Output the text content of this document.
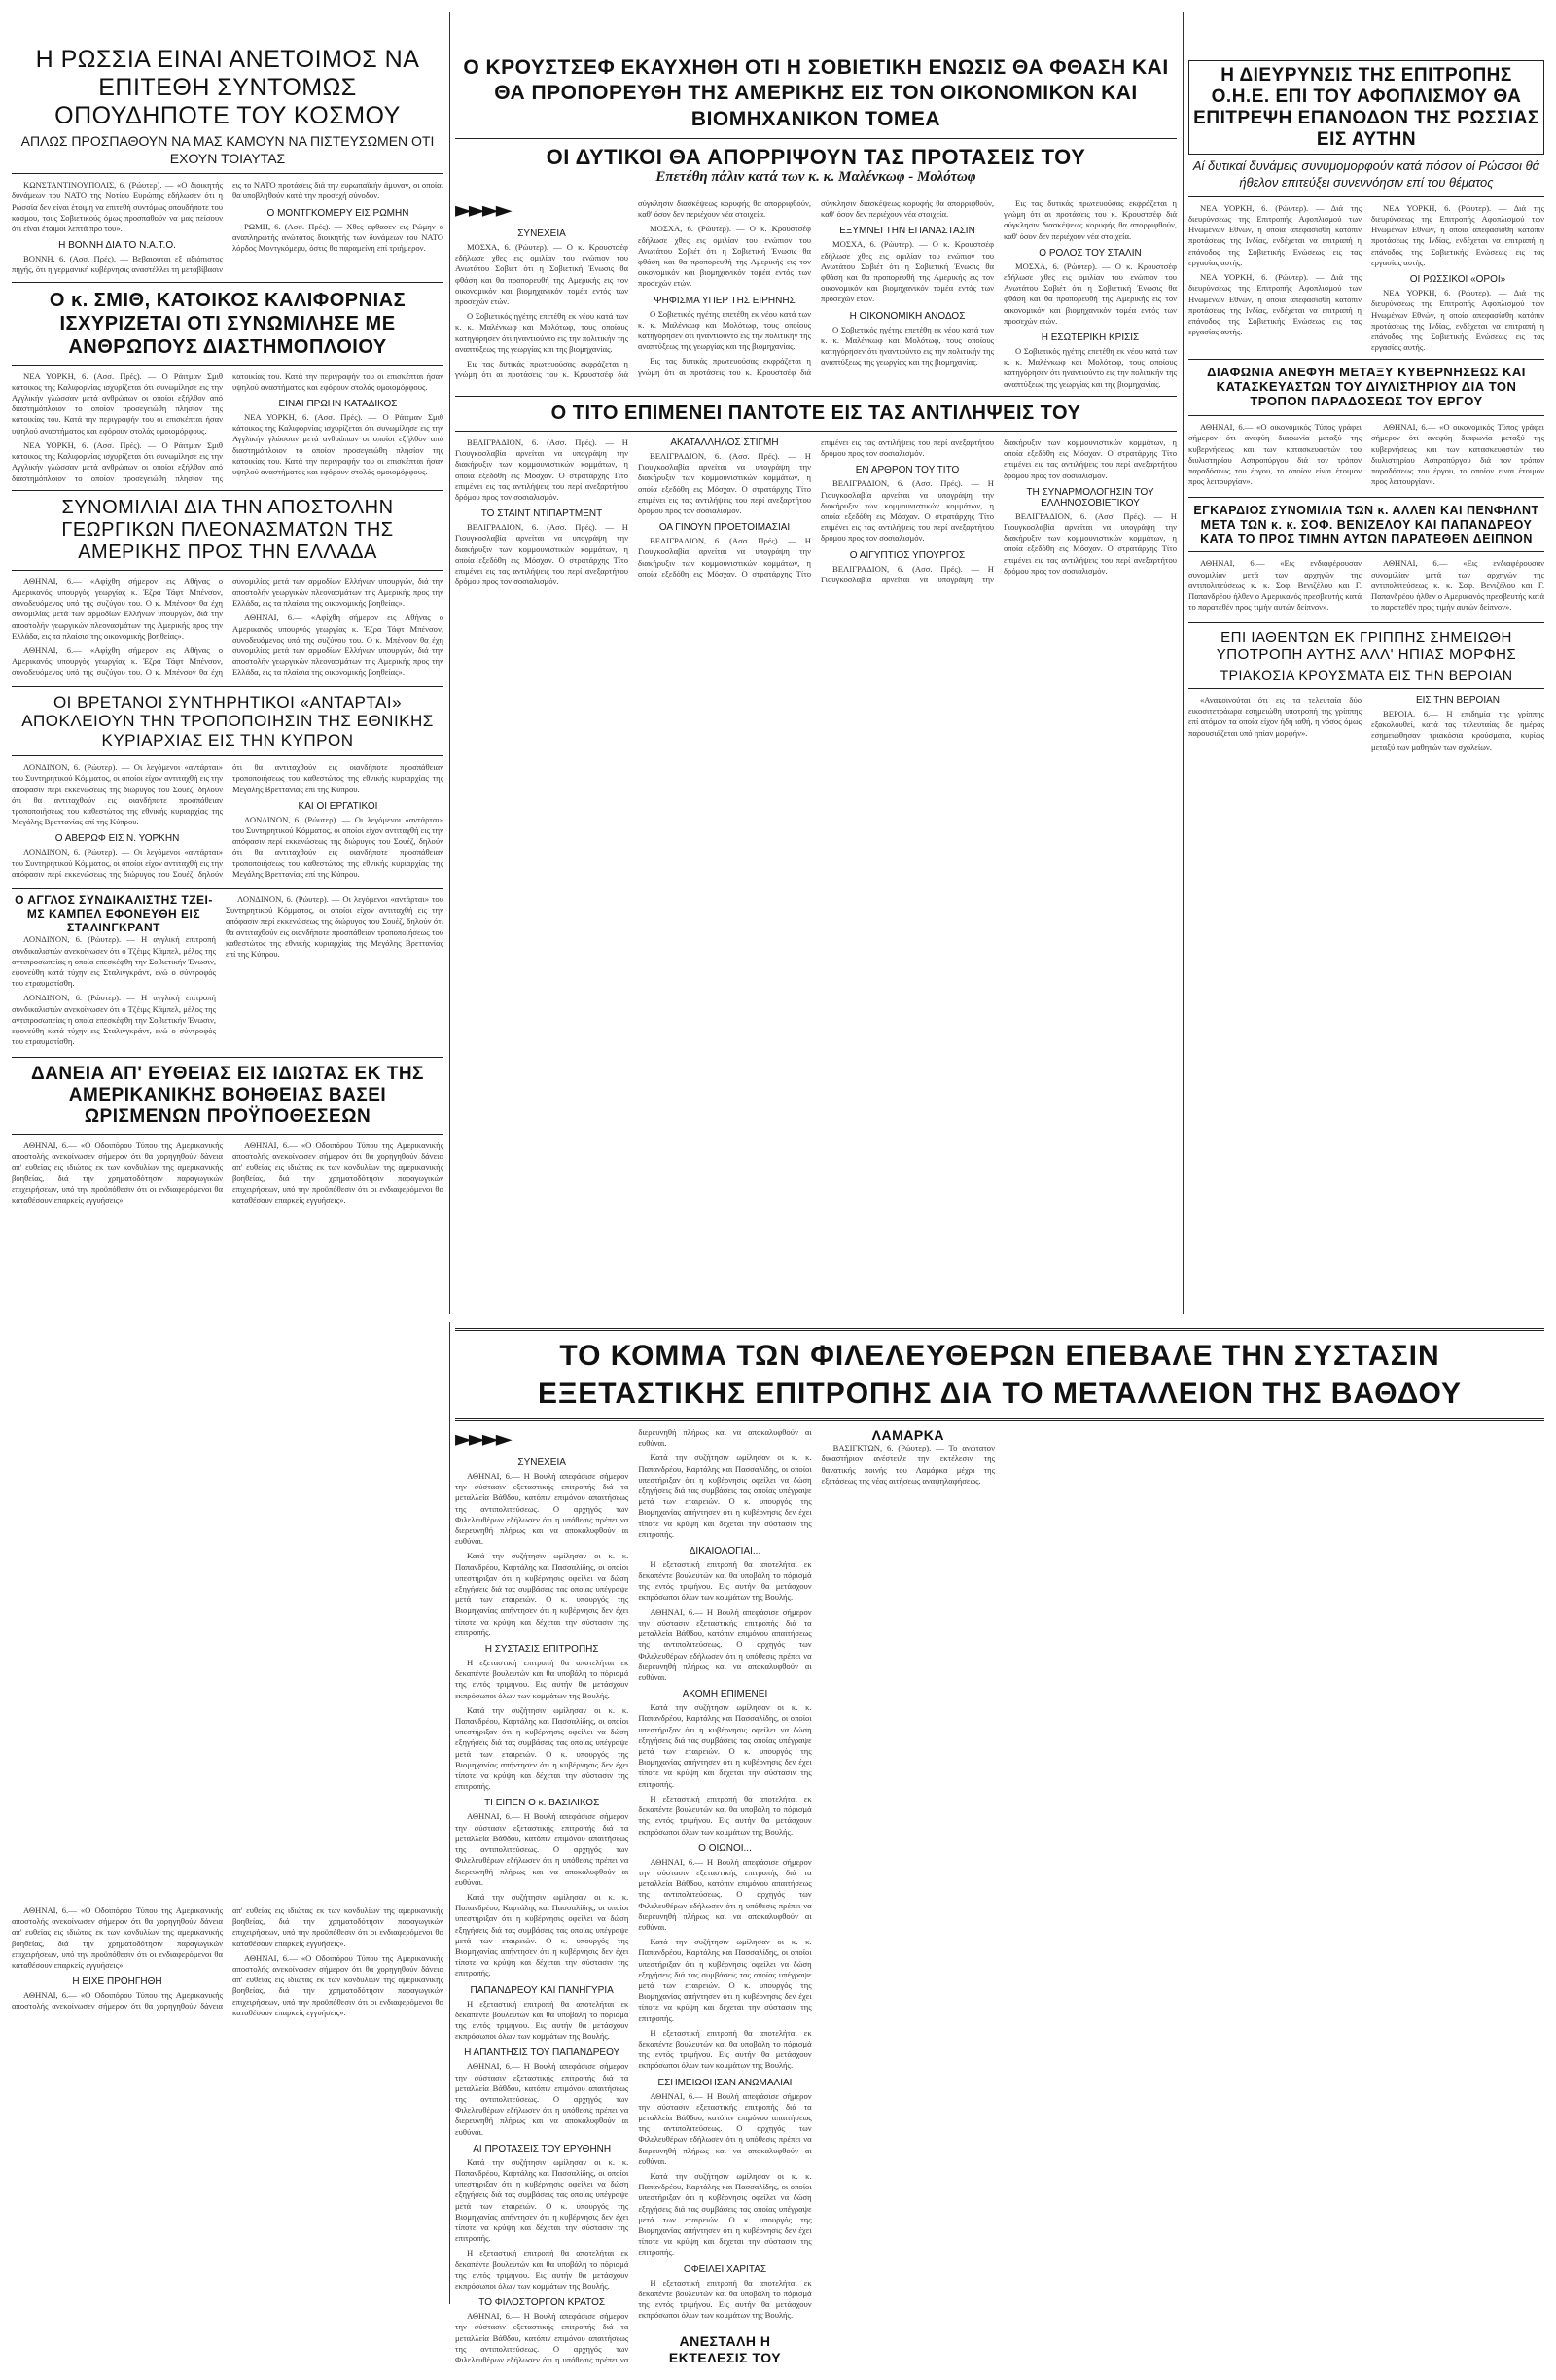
Η ΡΩΣΣΙΑ ΕΙΝΑΙ ΑΝΕΤΟΙΜΟΣ ΝΑ ΕΠΙΤΕΘΗ ΣΥΝΤΟΜΩΣ ΟΠΟΥΔΗΠΟΤΕ ΤΟΥ ΚΟΣΜΟΥ
ΑΠΛΩΣ ΠΡΟΣΠΑΘΟΥΝ ΝΑ ΜΑΣ ΚΑΜΟΥΝ ΝΑ ΠΙΣΤΕΥΣΩΜΕΝ ΟΤΙ ΕΧΟΥΝ ΤΟΙΑΥΤΑΣ

ΚΩΝΣΤΑΝΤΙΝΟΥΠΟΛΙΣ, 6. (Ρώυτερ). — «Ο διοικητής δυνάμεων του ΝΑΤΟ της Νοτίου Ευρώπης εδήλωσεν ότι η Ρωσσία δεν είναι έτοιμη να επιτεθή συντόμως οπουδήποτε του κόσμου, τους Σοβιετικούς όμως προσπαθούν να μας πείσουν ότι είναι έτοιμοι λεπτά προ του».

Η ΒΟΝΝΗ ΔΙΑ ΤΟ Ν.Α.Τ.Ο.

ΒΟΝΝΗ, 6. (Ασσ. Πρές). — Βεβαιούται εξ αξιόπιστος πηγής, ότι η γερμανική κυβέρνησις αναστέλλει τη μεταβίβασιν εις το ΝΑΤΟ προτάσεις διά την ευρωπαϊκήν άμυναν, οι οποίαι θα υποβληθούν κατά την προσεχή σύνοδον.

Ο ΜΟΝΤΓΚΟΜΕΡΥ ΕΙΣ ΡΩΜΗΝ

ΡΩΜΗ, 6. (Ασσ. Πρές). — Χθες εφθασεν εις Ρώμην ο αναπληρωτής ανώτατος διοικητής των δυνάμεων του ΝΑΤΟ λόρδος Μοντγκόμερυ, όστις θα παραμείνη επί τριήμερον.

Ο κ. ΣΜΙΘ, ΚΑΤΟΙΚΟΣ ΚΑΛΙΦΟΡΝΙΑΣ ΙΣΧΥΡΙΖΕΤΑΙ ΟΤΙ ΣΥΝΩΜΙΛΗΣΕ ΜΕ ΑΝΘΡΩΠΟΥΣ ΔΙΑΣΤΗΜΟΠΛΟΙΟΥ

ΝΕΑ ΥΟΡΚΗ, 6. (Ασσ. Πρές). — Ο Ράιτμαν Σμιθ κάτοικος της Καλιφορνίας ισχυρίζεται ότι συνωμίλησε εις την Αγγλικήν γλώσσαν μετά ανθρώπων οι οποίοι εξήλθον από διαστημόπλοιον το οποίον προσεγειώθη πλησίον της κατοικίας του. Κατά την περιγραφήν του οι επισκέπται ήσαν υψηλού αναστήματος και εφόρουν στολάς ομοιομόρφους.

ΝΕΑ ΥΟΡΚΗ, 6. (Ασσ. Πρές). — Ο Ράιτμαν Σμιθ κάτοικος της Καλιφορνίας ισχυρίζεται ότι συνωμίλησε εις την Αγγλικήν γλώσσαν μετά ανθρώπων οι οποίοι εξήλθον από διαστημόπλοιον το οποίον προσεγειώθη πλησίον της κατοικίας του. Κατά την περιγραφήν του οι επισκέπται ήσαν υψηλού αναστήματος και εφόρουν στολάς ομοιομόρφους.

ΕΙΝΑΙ ΠΡΩΗΝ ΚΑΤΑΔΙΚΟΣ

ΝΕΑ ΥΟΡΚΗ, 6. (Ασσ. Πρές). — Ο Ράιτμαν Σμιθ κάτοικος της Καλιφορνίας ισχυρίζεται ότι συνωμίλησε εις την Αγγλικήν γλώσσαν μετά ανθρώπων οι οποίοι εξήλθον από διαστημόπλοιον το οποίον προσεγειώθη πλησίον της κατοικίας του. Κατά την περιγραφήν του οι επισκέπται ήσαν υψηλού αναστήματος και εφόρουν στολάς ομοιομόρφους.

ΣΥΝΟΜΙΛΙΑΙ ΔΙΑ ΤΗΝ ΑΠΟΣΤΟΛΗΝ ΓΕΩΡΓΙΚΩΝ ΠΛΕΟΝΑΣΜΑΤΩΝ ΤΗΣ ΑΜΕΡΙΚΗΣ ΠΡΟΣ ΤΗΝ ΕΛΛΑΔΑ

ΑΘΗΝΑΙ, 6.— «Αφίχθη σήμερον εις Αθήνας ο Αμερικανός υπουργός γεωργίας κ. Έζρα Τάφτ Μπένσον, συνοδευόμενος υπό της συζύγου του. Ο κ. Μπένσον θα έχη συνομιλίας μετά των αρμοδίων Ελλήνων υπουργών, διά την αποστολήν γεωργικών πλεονασμάτων της Αμερικής προς την Ελλάδα, εις τα πλαίσια της οικονομικής βοηθείας».

ΑΘΗΝΑΙ, 6.— «Αφίχθη σήμερον εις Αθήνας ο Αμερικανός υπουργός γεωργίας κ. Έζρα Τάφτ Μπένσον, συνοδευόμενος υπό της συζύγου του. Ο κ. Μπένσον θα έχη συνομιλίας μετά των αρμοδίων Ελλήνων υπουργών, διά την αποστολήν γεωργικών πλεονασμάτων της Αμερικής προς την Ελλάδα, εις τα πλαίσια της οικονομικής βοηθείας».

ΑΘΗΝΑΙ, 6.— «Αφίχθη σήμερον εις Αθήνας ο Αμερικανός υπουργός γεωργίας κ. Έζρα Τάφτ Μπένσον, συνοδευόμενος υπό της συζύγου του. Ο κ. Μπένσον θα έχη συνομιλίας μετά των αρμοδίων Ελλήνων υπουργών, διά την αποστολήν γεωργικών πλεονασμάτων της Αμερικής προς την Ελλάδα, εις τα πλαίσια της οικονομικής βοηθείας».

ΟΙ ΒΡΕΤΑΝΟΙ ΣΥΝΤΗΡΗΤΙΚΟΙ «ΑΝΤΑΡΤΑΙ» ΑΠΟΚΛΕΙΟΥΝ ΤΗΝ ΤΡΟΠΟΠΟΙΗΣΙΝ ΤΗΣ ΕΘΝΙΚΗΣ ΚΥΡΙΑΡΧΙΑΣ ΕΙΣ ΤΗΝ ΚΥΠΡΟΝ

ΛΟΝΔΙΝΟΝ, 6. (Ρώυτερ). — Οι λεγόμενοι «αντάρται» του Συντηρητικού Κόμματος, οι οποίοι είχον αντιταχθή εις την απόφασιν περί εκκενώσεως της διώρυγος του Σουέζ, δηλούν ότι θα αντιταχθούν εις οιανδήποτε προσπάθειαν τροποποιήσεως του καθεστώτος της εθνικής κυριαρχίας της Μεγάλης Βρεττανίας επί της Κύπρου.

Ο ΑΒΕΡΩΦ ΕΙΣ Ν. ΥΟΡΚΗΝ

ΛΟΝΔΙΝΟΝ, 6. (Ρώυτερ). — Οι λεγόμενοι «αντάρται» του Συντηρητικού Κόμματος, οι οποίοι είχον αντιταχθή εις την απόφασιν περί εκκενώσεως της διώρυγος του Σουέζ, δηλούν ότι θα αντιταχθούν εις οιανδήποτε προσπάθειαν τροποποιήσεως του καθεστώτος της εθνικής κυριαρχίας της Μεγάλης Βρεττανίας επί της Κύπρου.

ΚΑΙ ΟΙ ΕΡΓΑΤΙΚΟΙ

ΛΟΝΔΙΝΟΝ, 6. (Ρώυτερ). — Οι λεγόμενοι «αντάρται» του Συντηρητικού Κόμματος, οι οποίοι είχον αντιταχθή εις την απόφασιν περί εκκενώσεως της διώρυγος του Σουέζ, δηλούν ότι θα αντιταχθούν εις οιανδήποτε προσπάθειαν τροποποιήσεως του καθεστώτος της εθνικής κυριαρχίας της Μεγάλης Βρεττανίας επί της Κύπρου.

Ο ΑΓΓΛΟΣ ΣΥΝΔΙΚΑΛΙΣΤΗΣ ΤΖΕΙ-ΜΣ ΚΑΜΠΕΛ ΕΦΟΝΕΥΘΗ ΕΙΣ ΣΤΑΛΙΝΓΚΡΑΝΤ

ΛΟΝΔΙΝΟΝ, 6. (Ρώυτερ). — Η αγγλική επιτροπή συνδικαλιστών ανεκοίνωσεν ότι ο Τζέιμς Κάμπελ, μέλος της αντιπροσωπείας η οποία επεσκέφθη την Σοβιετικήν Ένωσιν, εφονεύθη κατά τύχην εις Σταλινγκράντ, ενώ ο σύντροφός του ετραυματίσθη.

ΛΟΝΔΙΝΟΝ, 6. (Ρώυτερ). — Η αγγλική επιτροπή συνδικαλιστών ανεκοίνωσεν ότι ο Τζέιμς Κάμπελ, μέλος της αντιπροσωπείας η οποία επεσκέφθη την Σοβιετικήν Ένωσιν, εφονεύθη κατά τύχην εις Σταλινγκράντ, ενώ ο σύντροφός του ετραυματίσθη.

ΛΟΝΔΙΝΟΝ, 6. (Ρώυτερ). — Οι λεγόμενοι «αντάρται» του Συντηρητικού Κόμματος, οι οποίοι είχον αντιταχθή εις την απόφασιν περί εκκενώσεως της διώρυγος του Σουέζ, δηλούν ότι θα αντιταχθούν εις οιανδήποτε προσπάθειαν τροποποιήσεως του καθεστώτος της εθνικής κυριαρχίας της Μεγάλης Βρεττανίας επί της Κύπρου.

ΔΑΝΕΙΑ ΑΠ' ΕΥΘΕΙΑΣ ΕΙΣ ΙΔΙΩΤΑΣ ΕΚ ΤΗΣ ΑΜΕΡΙΚΑΝΙΚΗΣ ΒΟΗΘΕΙΑΣ ΒΑΣΕΙ ΩΡΙΣΜΕΝΩΝ ΠΡΟΫΠΟΘΕΣΕΩΝ

ΑΘΗΝΑΙ, 6.— «Ο Οδοιπόρου Τύπου της Αμερικανικής αποστολής ανεκοίνωσεν σήμερον ότι θα χορηγηθούν δάνεια απ' ευθείας εις ιδιώτας εκ των κονδυλίων της αμερικανικής βοηθείας, διά την χρηματοδότησιν παραγωγικών επιχειρήσεων, υπό την προϋπόθεσιν ότι οι ενδιαφερόμενοι θα καταθέσουν επαρκείς εγγυήσεις».

ΑΘΗΝΑΙ, 6.— «Ο Οδοιπόρου Τύπου της Αμερικανικής αποστολής ανεκοίνωσεν σήμερον ότι θα χορηγηθούν δάνεια απ' ευθείας εις ιδιώτας εκ των κονδυλίων της αμερικανικής βοηθείας, διά την χρηματοδότησιν παραγωγικών επιχειρήσεων, υπό την προϋπόθεσιν ότι οι ενδιαφερόμενοι θα καταθέσουν επαρκείς εγγυήσεις».

Ο ΚΡΟΥΣΤΣΕΦ ΕΚΑΥΧΗΘΗ ΟΤΙ Η ΣΟΒΙΕΤΙΚΗ ΕΝΩΣΙΣ ΘΑ ΦΘΑΣΗ ΚΑΙ ΘΑ ΠΡΟΠΟΡΕΥΘΗ ΤΗΣ ΑΜΕΡΙΚΗΣ ΕΙΣ ΤΟΝ ΟΙΚΟΝΟΜΙΚΟΝ ΚΑΙ ΒΙΟΜΗΧΑΝΙΚΟΝ ΤΟΜΕΑ
ΟΙ ΔΥΤΙΚΟΙ ΘΑ ΑΠΟΡΡΙΨΟΥΝ ΤΑΣ ΠΡΟΤΑΣΕΙΣ ΤΟΥ
Επετέθη πάλιν κατά των κ. κ. Μαλένκωφ - Μολότωφ
►►►►
ΣΥΝΕΧΕΙΑ

ΜΟΣΧΑ, 6. (Ρώυτερ). — Ο κ. Κρουστσέφ εδήλωσε χθες εις ομιλίαν του ενώπιον του Ανωτάτου Σοβιέτ ότι η Σοβιετική Ένωσις θα φθάση και θα προπορευθή της Αμερικής εις τον οικονομικόν και βιομηχανικόν τομέα εντός των προσεχών ετών.

Ο Σοβιετικός ηγέτης επετέθη εκ νέου κατά των κ. κ. Μαλένκωφ και Μολότωφ, τους οποίους κατηγόρησεν ότι ηναντιούντο εις την πολιτικήν της αναπτύξεως της γεωργίας και της βιομηχανίας.

Εις τας δυτικάς πρωτευούσας εκφράζεται η γνώμη ότι αι προτάσεις του κ. Κρουστσέφ διά σύγκλησιν διασκέψεως κορυφής θα απορριφθούν, καθ' όσον δεν περιέχουν νέα στοιχεία.

ΜΟΣΧΑ, 6. (Ρώυτερ). — Ο κ. Κρουστσέφ εδήλωσε χθες εις ομιλίαν του ενώπιον του Ανωτάτου Σοβιέτ ότι η Σοβιετική Ένωσις θα φθάση και θα προπορευθή της Αμερικής εις τον οικονομικόν και βιομηχανικόν τομέα εντός των προσεχών ετών.

ΨΗΦΙΣΜΑ ΥΠΕΡ ΤΗΣ ΕΙΡΗΝΗΣ

Ο Σοβιετικός ηγέτης επετέθη εκ νέου κατά των κ. κ. Μαλένκωφ και Μολότωφ, τους οποίους κατηγόρησεν ότι ηναντιούντο εις την πολιτικήν της αναπτύξεως της γεωργίας και της βιομηχανίας.

Εις τας δυτικάς πρωτευούσας εκφράζεται η γνώμη ότι αι προτάσεις του κ. Κρουστσέφ διά σύγκλησιν διασκέψεως κορυφής θα απορριφθούν, καθ' όσον δεν περιέχουν νέα στοιχεία.

ΕΞΥΜΝΕΙ ΤΗΝ ΕΠΑΝΑΣΤΑΣΙΝ

ΜΟΣΧΑ, 6. (Ρώυτερ). — Ο κ. Κρουστσέφ εδήλωσε χθες εις ομιλίαν του ενώπιον του Ανωτάτου Σοβιέτ ότι η Σοβιετική Ένωσις θα φθάση και θα προπορευθή της Αμερικής εις τον οικονομικόν και βιομηχανικόν τομέα εντός των προσεχών ετών.

Η ΟΙΚΟΝΟΜΙΚΗ ΑΝΟΔΟΣ

Ο Σοβιετικός ηγέτης επετέθη εκ νέου κατά των κ. κ. Μαλένκωφ και Μολότωφ, τους οποίους κατηγόρησεν ότι ηναντιούντο εις την πολιτικήν της αναπτύξεως της γεωργίας και της βιομηχανίας.

Εις τας δυτικάς πρωτευούσας εκφράζεται η γνώμη ότι αι προτάσεις του κ. Κρουστσέφ διά σύγκλησιν διασκέψεως κορυφής θα απορριφθούν, καθ' όσον δεν περιέχουν νέα στοιχεία.

Ο ΡΟΛΟΣ ΤΟΥ ΣΤΑΛΙΝ

ΜΟΣΧΑ, 6. (Ρώυτερ). — Ο κ. Κρουστσέφ εδήλωσε χθες εις ομιλίαν του ενώπιον του Ανωτάτου Σοβιέτ ότι η Σοβιετική Ένωσις θα φθάση και θα προπορευθή της Αμερικής εις τον οικονομικόν και βιομηχανικόν τομέα εντός των προσεχών ετών.

Η ΕΣΩΤΕΡΙΚΗ ΚΡΙΣΙΣ

Ο Σοβιετικός ηγέτης επετέθη εκ νέου κατά των κ. κ. Μαλένκωφ και Μολότωφ, τους οποίους κατηγόρησεν ότι ηναντιούντο εις την πολιτικήν της αναπτύξεως της γεωργίας και της βιομηχανίας.

Ο ΤΙΤΟ ΕΠΙΜΕΝΕΙ ΠΑΝΤΟΤΕ ΕΙΣ ΤΑΣ ΑΝΤΙΛΗΨΕΙΣ ΤΟΥ

ΒΕΛΙΓΡΑΔΙΟΝ, 6. (Ασσ. Πρές). — Η Γιουγκοσλαβία αρνείται να υπογράψη την διακήρυξιν των κομμουνιστικών κομμάτων, η οποία εξεδόθη εις Μόσχαν. Ο στρατάρχης Τίτο επιμένει εις τας αντιλήψεις του περί ανεξαρτήτου δρόμου προς τον σοσιαλισμόν.

ΤΟ ΣΤΑΙΝΤ ΝΤΙΠΑΡΤΜΕΝΤ

ΒΕΛΙΓΡΑΔΙΟΝ, 6. (Ασσ. Πρές). — Η Γιουγκοσλαβία αρνείται να υπογράψη την διακήρυξιν των κομμουνιστικών κομμάτων, η οποία εξεδόθη εις Μόσχαν. Ο στρατάρχης Τίτο επιμένει εις τας αντιλήψεις του περί ανεξαρτήτου δρόμου προς τον σοσιαλισμόν.

ΑΚΑΤΑΛΛΗΛΟΣ ΣΤΙΓΜΗ

ΒΕΛΙΓΡΑΔΙΟΝ, 6. (Ασσ. Πρές). — Η Γιουγκοσλαβία αρνείται να υπογράψη την διακήρυξιν των κομμουνιστικών κομμάτων, η οποία εξεδόθη εις Μόσχαν. Ο στρατάρχης Τίτο επιμένει εις τας αντιλήψεις του περί ανεξαρτήτου δρόμου προς τον σοσιαλισμόν.

ΟΑ ΓΙΝΟΥΝ ΠΡΟΕΤΟΙΜΑΣΙΑΙ

ΒΕΛΙΓΡΑΔΙΟΝ, 6. (Ασσ. Πρές). — Η Γιουγκοσλαβία αρνείται να υπογράψη την διακήρυξιν των κομμουνιστικών κομμάτων, η οποία εξεδόθη εις Μόσχαν. Ο στρατάρχης Τίτο επιμένει εις τας αντιλήψεις του περί ανεξαρτήτου δρόμου προς τον σοσιαλισμόν.

ΕΝ ΑΡΘΡΟΝ ΤΟΥ ΤΙΤΟ

ΒΕΛΙΓΡΑΔΙΟΝ, 6. (Ασσ. Πρές). — Η Γιουγκοσλαβία αρνείται να υπογράψη την διακήρυξιν των κομμουνιστικών κομμάτων, η οποία εξεδόθη εις Μόσχαν. Ο στρατάρχης Τίτο επιμένει εις τας αντιλήψεις του περί ανεξαρτήτου δρόμου προς τον σοσιαλισμόν.

Ο ΑΙΓΥΠΤΙΟΣ ΥΠΟΥΡΓΟΣ

ΒΕΛΙΓΡΑΔΙΟΝ, 6. (Ασσ. Πρές). — Η Γιουγκοσλαβία αρνείται να υπογράψη την διακήρυξιν των κομμουνιστικών κομμάτων, η οποία εξεδόθη εις Μόσχαν. Ο στρατάρχης Τίτο επιμένει εις τας αντιλήψεις του περί ανεξαρτήτου δρόμου προς τον σοσιαλισμόν.

ΤΗ ΣΥΝΑΡΜΟΛΟΓΗΣΙΝ ΤΟΥ ΕΛΛΗΝΟΣΟΒΙΕΤΙΚΟΥ

ΒΕΛΙΓΡΑΔΙΟΝ, 6. (Ασσ. Πρές). — Η Γιουγκοσλαβία αρνείται να υπογράψη την διακήρυξιν των κομμουνιστικών κομμάτων, η οποία εξεδόθη εις Μόσχαν. Ο στρατάρχης Τίτο επιμένει εις τας αντιλήψεις του περί ανεξαρτήτου δρόμου προς τον σοσιαλισμόν.

Η ΔΙΕΥΡΥΝΣΙΣ ΤΗΣ ΕΠΙΤΡΟΠΗΣ Ο.Η.Ε. ΕΠΙ ΤΟΥ ΑΦΟΠΛΙΣΜΟΥ ΘΑ ΕΠΙΤΡΕΨΗ ΕΠΑΝΟΔΟΝ ΤΗΣ ΡΩΣΣΙΑΣ ΕΙΣ ΑΥΤΗΝ
Αί δυτικαί δυνάμεις συνυμομορφούν κατά πόσον οί Ρώσσοι θά ήθελον επιτεύξει συνεννόησιν επί του θέματος

ΝΕΑ ΥΟΡΚΗ, 6. (Ρώυτερ). — Διά της διευρύνσεως της Επιτροπής Αφοπλισμού των Ηνωμένων Εθνών, η οποία απεφασίσθη κατόπιν προτάσεως της Ινδίας, ενδέχεται να επιτραπή η επάνοδος της Σοβιετικής Ενώσεως εις τας εργασίας αυτής.

ΝΕΑ ΥΟΡΚΗ, 6. (Ρώυτερ). — Διά της διευρύνσεως της Επιτροπής Αφοπλισμού των Ηνωμένων Εθνών, η οποία απεφασίσθη κατόπιν προτάσεως της Ινδίας, ενδέχεται να επιτραπή η επάνοδος της Σοβιετικής Ενώσεως εις τας εργασίας αυτής.

ΝΕΑ ΥΟΡΚΗ, 6. (Ρώυτερ). — Διά της διευρύνσεως της Επιτροπής Αφοπλισμού των Ηνωμένων Εθνών, η οποία απεφασίσθη κατόπιν προτάσεως της Ινδίας, ενδέχεται να επιτραπή η επάνοδος της Σοβιετικής Ενώσεως εις τας εργασίας αυτής.

ΟΙ ΡΩΣΣΙΚΟΙ «ΟΡΟΙ»

ΝΕΑ ΥΟΡΚΗ, 6. (Ρώυτερ). — Διά της διευρύνσεως της Επιτροπής Αφοπλισμού των Ηνωμένων Εθνών, η οποία απεφασίσθη κατόπιν προτάσεως της Ινδίας, ενδέχεται να επιτραπή η επάνοδος της Σοβιετικής Ενώσεως εις τας εργασίας αυτής.

ΔΙΑΦΩΝΙΑ ΑΝΕΦΥΗ ΜΕΤΑΞΥ ΚΥΒΕΡΝΗΣΕΩΣ ΚΑΙ ΚΑΤΑΣΚΕΥΑΣΤΩΝ ΤΟΥ ΔΙΥΛΙΣΤΗΡΙΟΥ ΔΙΑ ΤΟΝ ΤΡΟΠΟΝ ΠΑΡΑΔΟΣΕΩΣ ΤΟΥ ΕΡΓΟΥ

ΑΘΗΝΑΙ, 6.— «Ο οικονομικός Τύπος γράφει σήμερον ότι ανεφύη διαφωνία μεταξύ της κυβερνήσεως και των κατασκευαστών του διυλιστηρίου Ασπροπύργου διά τον τρόπον παραδόσεως του έργου, το οποίον είναι έτοιμον προς λειτουργίαν».

ΑΘΗΝΑΙ, 6.— «Ο οικονομικός Τύπος γράφει σήμερον ότι ανεφύη διαφωνία μεταξύ της κυβερνήσεως και των κατασκευαστών του διυλιστηρίου Ασπροπύργου διά τον τρόπον παραδόσεως του έργου, το οποίον είναι έτοιμον προς λειτουργίαν».

ΕΓΚΑΡΔΙΟΣ ΣΥΝΟΜΙΛΙΑ ΤΩΝ κ. ΑΛΛΕΝ ΚΑΙ ΠΕΝΦΗΛΝΤ ΜΕΤΑ ΤΩΝ κ. κ. ΣΟΦ. ΒΕΝΙΖΕΛΟΥ ΚΑΙ ΠΑΠΑΝΔΡΕΟΥ ΚΑΤΑ ΤΟ ΠΡΟΣ ΤΙΜΗΝ ΑΥΤΩΝ ΠΑΡΑΤΕΘΕΝ ΔΕΙΠΝΟΝ

ΑΘΗΝΑΙ, 6.— «Εις ενδιαφέρουσαν συνομιλίαν μετά των αρχηγών της αντιπολιτεύσεως κ. κ. Σοφ. Βενιζέλου και Γ. Παπανδρέου ήλθεν ο Αμερικανός πρεσβευτής κατά το παρατεθέν προς τιμήν αυτών δείπνον».

ΑΘΗΝΑΙ, 6.— «Εις ενδιαφέρουσαν συνομιλίαν μετά των αρχηγών της αντιπολιτεύσεως κ. κ. Σοφ. Βενιζέλου και Γ. Παπανδρέου ήλθεν ο Αμερικανός πρεσβευτής κατά το παρατεθέν προς τιμήν αυτών δείπνον».

ΕΠΙ ΙΑΘΕΝΤΩΝ ΕΚ ΓΡΙΠΠΗΣ ΣΗΜΕΙΩΘΗ ΥΠΟΤΡΟΠΗ ΑΥΤΗΣ ΑΛΛ' ΗΠΙΑΣ ΜΟΡΦΗΣ
ΤΡΙΑΚΟΣΙΑ ΚΡΟΥΣΜΑΤΑ ΕΙΣ ΤΗΝ ΒΕΡΟΙΑΝ

«Ανακοινούται ότι εις τα τελευταία δύο εικοσιτετράωρα εσημειώθη υποτροπή της γρίππης επί ατόμων τα οποία είχον ήδη ιαθή, η νόσος όμως παρουσιάζεται υπό ηπίαν μορφήν».

ΕΙΣ ΤΗΝ ΒΕΡΟΙΑΝ

ΒΕΡΟΙΑ, 6.— Η επιδημία της γρίππης εξακολουθεί, κατά τας τελευταίας δε ημέρας εσημειώθησαν τριακόσια κρούσματα, κυρίως μεταξύ των μαθητών των σχολείων.

ΤΟ ΚΟΜΜΑ ΤΩΝ ΦΙΛΕΛΕΥΘΕΡΩΝ ΕΠΕΒΑΛΕ ΤΗΝ ΣΥΣΤΑΣΙΝ ΕΞΕΤΑΣΤΙΚΗΣ ΕΠΙΤΡΟΠΗΣ ΔΙΑ ΤΟ ΜΕΤΑΛΛΕΙΟΝ ΤΗΣ ΒΑΘΔΟΥ
►►►►
ΣΥΝΕΧΕΙΑ

ΑΘΗΝΑΙ, 6.— Η Βουλή απεφάσισε σήμερον την σύστασιν εξεταστικής επιτροπής διά τα μεταλλεία Βάθδου, κατόπιν επιμόνου απαιτήσεως της αντιπολιτεύσεως. Ο αρχηγός των Φιλελευθέρων εδήλωσεν ότι η υπόθεσις πρέπει να διερευνηθή πλήρως και να αποκαλυφθούν αι ευθύναι.

Κατά την συζήτησιν ωμίλησαν οι κ. κ. Παπανδρέου, Καρτάλης και Πασσαλίδης, οι οποίοι υπεστήριξαν ότι η κυβέρνησις οφείλει να δώση εξηγήσεις διά τας συμβάσεις τας οποίας υπέγραψε μετά των εταιρειών. Ο κ. υπουργός της Βιομηχανίας απήντησεν ότι η κυβέρνησις δεν έχει τίποτε να κρύψη και δέχεται την σύστασιν της επιτροπής.

Η ΣΥΣΤΑΣΙΣ ΕΠΙΤΡΟΠΗΣ

Η εξεταστική επιτροπή θα αποτελήται εκ δεκαπέντε βουλευτών και θα υποβάλη το πόρισμά της εντός τριμήνου. Εις αυτήν θα μετάσχουν εκπρόσωποι όλων των κομμάτων της Βουλής.

Κατά την συζήτησιν ωμίλησαν οι κ. κ. Παπανδρέου, Καρτάλης και Πασσαλίδης, οι οποίοι υπεστήριξαν ότι η κυβέρνησις οφείλει να δώση εξηγήσεις διά τας συμβάσεις τας οποίας υπέγραψε μετά των εταιρειών. Ο κ. υπουργός της Βιομηχανίας απήντησεν ότι η κυβέρνησις δεν έχει τίποτε να κρύψη και δέχεται την σύστασιν της επιτροπής.

ΤΙ ΕΙΠΕΝ Ο κ. ΒΑΣΙΛΙΚΟΣ

ΑΘΗΝΑΙ, 6.— Η Βουλή απεφάσισε σήμερον την σύστασιν εξεταστικής επιτροπής διά τα μεταλλεία Βάθδου, κατόπιν επιμόνου απαιτήσεως της αντιπολιτεύσεως. Ο αρχηγός των Φιλελευθέρων εδήλωσεν ότι η υπόθεσις πρέπει να διερευνηθή πλήρως και να αποκαλυφθούν αι ευθύναι.

Κατά την συζήτησιν ωμίλησαν οι κ. κ. Παπανδρέου, Καρτάλης και Πασσαλίδης, οι οποίοι υπεστήριξαν ότι η κυβέρνησις οφείλει να δώση εξηγήσεις διά τας συμβάσεις τας οποίας υπέγραψε μετά των εταιρειών. Ο κ. υπουργός της Βιομηχανίας απήντησεν ότι η κυβέρνησις δεν έχει τίποτε να κρύψη και δέχεται την σύστασιν της επιτροπής.

ΠΑΠΑΝΔΡΕΟΥ ΚΑΙ ΠΑΝΗΓΥΡΙΑ

Η εξεταστική επιτροπή θα αποτελήται εκ δεκαπέντε βουλευτών και θα υποβάλη το πόρισμά της εντός τριμήνου. Εις αυτήν θα μετάσχουν εκπρόσωποι όλων των κομμάτων της Βουλής.

Η ΑΠΑΝΤΗΣΙΣ ΤΟΥ ΠΑΠΑΝΔΡΕΟΥ

ΑΘΗΝΑΙ, 6.— Η Βουλή απεφάσισε σήμερον την σύστασιν εξεταστικής επιτροπής διά τα μεταλλεία Βάθδου, κατόπιν επιμόνου απαιτήσεως της αντιπολιτεύσεως. Ο αρχηγός των Φιλελευθέρων εδήλωσεν ότι η υπόθεσις πρέπει να διερευνηθή πλήρως και να αποκαλυφθούν αι ευθύναι.

ΑΙ ΠΡΟΤΑΣΕΙΣ ΤΟΥ ΕΡΥΘΗΝΗ

Κατά την συζήτησιν ωμίλησαν οι κ. κ. Παπανδρέου, Καρτάλης και Πασσαλίδης, οι οποίοι υπεστήριξαν ότι η κυβέρνησις οφείλει να δώση εξηγήσεις διά τας συμβάσεις τας οποίας υπέγραψε μετά των εταιρειών. Ο κ. υπουργός της Βιομηχανίας απήντησεν ότι η κυβέρνησις δεν έχει τίποτε να κρύψη και δέχεται την σύστασιν της επιτροπής.

Η εξεταστική επιτροπή θα αποτελήται εκ δεκαπέντε βουλευτών και θα υποβάλη το πόρισμά της εντός τριμήνου. Εις αυτήν θα μετάσχουν εκπρόσωποι όλων των κομμάτων της Βουλής.

ΤΟ ΦΙΛΟΣΤΟΡΓΟΝ ΚΡΑΤΟΣ

ΑΘΗΝΑΙ, 6.— Η Βουλή απεφάσισε σήμερον την σύστασιν εξεταστικής επιτροπής διά τα μεταλλεία Βάθδου, κατόπιν επιμόνου απαιτήσεως της αντιπολιτεύσεως. Ο αρχηγός των Φιλελευθέρων εδήλωσεν ότι η υπόθεσις πρέπει να διερευνηθή πλήρως και να αποκαλυφθούν αι ευθύναι.

Κατά την συζήτησιν ωμίλησαν οι κ. κ. Παπανδρέου, Καρτάλης και Πασσαλίδης, οι οποίοι υπεστήριξαν ότι η κυβέρνησις οφείλει να δώση εξηγήσεις διά τας συμβάσεις τας οποίας υπέγραψε μετά των εταιρειών. Ο κ. υπουργός της Βιομηχανίας απήντησεν ότι η κυβέρνησις δεν έχει τίποτε να κρύψη και δέχεται την σύστασιν της επιτροπής.

ΔΙΚΑΙΟΛΟΓΙΑΙ...

Η εξεταστική επιτροπή θα αποτελήται εκ δεκαπέντε βουλευτών και θα υποβάλη το πόρισμά της εντός τριμήνου. Εις αυτήν θα μετάσχουν εκπρόσωποι όλων των κομμάτων της Βουλής.

ΑΘΗΝΑΙ, 6.— Η Βουλή απεφάσισε σήμερον την σύστασιν εξεταστικής επιτροπής διά τα μεταλλεία Βάθδου, κατόπιν επιμόνου απαιτήσεως της αντιπολιτεύσεως. Ο αρχηγός των Φιλελευθέρων εδήλωσεν ότι η υπόθεσις πρέπει να διερευνηθή πλήρως και να αποκαλυφθούν αι ευθύναι.

ΑΚΟΜΗ ΕΠΙΜΕΝΕΙ

Κατά την συζήτησιν ωμίλησαν οι κ. κ. Παπανδρέου, Καρτάλης και Πασσαλίδης, οι οποίοι υπεστήριξαν ότι η κυβέρνησις οφείλει να δώση εξηγήσεις διά τας συμβάσεις τας οποίας υπέγραψε μετά των εταιρειών. Ο κ. υπουργός της Βιομηχανίας απήντησεν ότι η κυβέρνησις δεν έχει τίποτε να κρύψη και δέχεται την σύστασιν της επιτροπής.

Η εξεταστική επιτροπή θα αποτελήται εκ δεκαπέντε βουλευτών και θα υποβάλη το πόρισμά της εντός τριμήνου. Εις αυτήν θα μετάσχουν εκπρόσωποι όλων των κομμάτων της Βουλής.

Ο ΟΙΩΝΟΙ...

ΑΘΗΝΑΙ, 6.— Η Βουλή απεφάσισε σήμερον την σύστασιν εξεταστικής επιτροπής διά τα μεταλλεία Βάθδου, κατόπιν επιμόνου απαιτήσεως της αντιπολιτεύσεως. Ο αρχηγός των Φιλελευθέρων εδήλωσεν ότι η υπόθεσις πρέπει να διερευνηθή πλήρως και να αποκαλυφθούν αι ευθύναι.

Κατά την συζήτησιν ωμίλησαν οι κ. κ. Παπανδρέου, Καρτάλης και Πασσαλίδης, οι οποίοι υπεστήριξαν ότι η κυβέρνησις οφείλει να δώση εξηγήσεις διά τας συμβάσεις τας οποίας υπέγραψε μετά των εταιρειών. Ο κ. υπουργός της Βιομηχανίας απήντησεν ότι η κυβέρνησις δεν έχει τίποτε να κρύψη και δέχεται την σύστασιν της επιτροπής.

Η εξεταστική επιτροπή θα αποτελήται εκ δεκαπέντε βουλευτών και θα υποβάλη το πόρισμά της εντός τριμήνου. Εις αυτήν θα μετάσχουν εκπρόσωποι όλων των κομμάτων της Βουλής.

ΕΣΗΜΕΙΩΘΗΣΑΝ ΑΝΩΜΑΛΙΑΙ

ΑΘΗΝΑΙ, 6.— Η Βουλή απεφάσισε σήμερον την σύστασιν εξεταστικής επιτροπής διά τα μεταλλεία Βάθδου, κατόπιν επιμόνου απαιτήσεως της αντιπολιτεύσεως. Ο αρχηγός των Φιλελευθέρων εδήλωσεν ότι η υπόθεσις πρέπει να διερευνηθή πλήρως και να αποκαλυφθούν αι ευθύναι.

Κατά την συζήτησιν ωμίλησαν οι κ. κ. Παπανδρέου, Καρτάλης και Πασσαλίδης, οι οποίοι υπεστήριξαν ότι η κυβέρνησις οφείλει να δώση εξηγήσεις διά τας συμβάσεις τας οποίας υπέγραψε μετά των εταιρειών. Ο κ. υπουργός της Βιομηχανίας απήντησεν ότι η κυβέρνησις δεν έχει τίποτε να κρύψη και δέχεται την σύστασιν της επιτροπής.

ΟΦΕΙΛΕΙ ΧΑΡΙΤΑΣ

Η εξεταστική επιτροπή θα αποτελήται εκ δεκαπέντε βουλευτών και θα υποβάλη το πόρισμά της εντός τριμήνου. Εις αυτήν θα μετάσχουν εκπρόσωποι όλων των κομμάτων της Βουλής.

ΑΝΕΣΤΑΛΗ Η ΕΚΤΕΛΕΣΙΣ ΤΟΥ ΛΑΜΑΡΚΑ

ΒΑΣΙΓΚΤΩΝ, 6. (Ρώυτερ). — Το ανώτατον δικαστήριον ανέστειλε την εκτέλεσιν της θανατικής ποινής του Λαμάρκα μέχρι της εξετάσεως της νέας αιτήσεως αναψηλαφήσεως.

ΑΘΗΝΑΙ, 6.— «Ο Οδοιπόρου Τύπου της Αμερικανικής αποστολής ανεκοίνωσεν σήμερον ότι θα χορηγηθούν δάνεια απ' ευθείας εις ιδιώτας εκ των κονδυλίων της αμερικανικής βοηθείας, διά την χρηματοδότησιν παραγωγικών επιχειρήσεων, υπό την προϋπόθεσιν ότι οι ενδιαφερόμενοι θα καταθέσουν επαρκείς εγγυήσεις».

Η ΕΙΧΕ ΠΡΟΗΓΗΘΗ

ΑΘΗΝΑΙ, 6.— «Ο Οδοιπόρου Τύπου της Αμερικανικής αποστολής ανεκοίνωσεν σήμερον ότι θα χορηγηθούν δάνεια απ' ευθείας εις ιδιώτας εκ των κονδυλίων της αμερικανικής βοηθείας, διά την χρηματοδότησιν παραγωγικών επιχειρήσεων, υπό την προϋπόθεσιν ότι οι ενδιαφερόμενοι θα καταθέσουν επαρκείς εγγυήσεις».

ΑΘΗΝΑΙ, 6.— «Ο Οδοιπόρου Τύπου της Αμερικανικής αποστολής ανεκοίνωσεν σήμερον ότι θα χορηγηθούν δάνεια απ' ευθείας εις ιδιώτας εκ των κονδυλίων της αμερικανικής βοηθείας, διά την χρηματοδότησιν παραγωγικών επιχειρήσεων, υπό την προϋπόθεσιν ότι οι ενδιαφερόμενοι θα καταθέσουν επαρκείς εγγυήσεις».
